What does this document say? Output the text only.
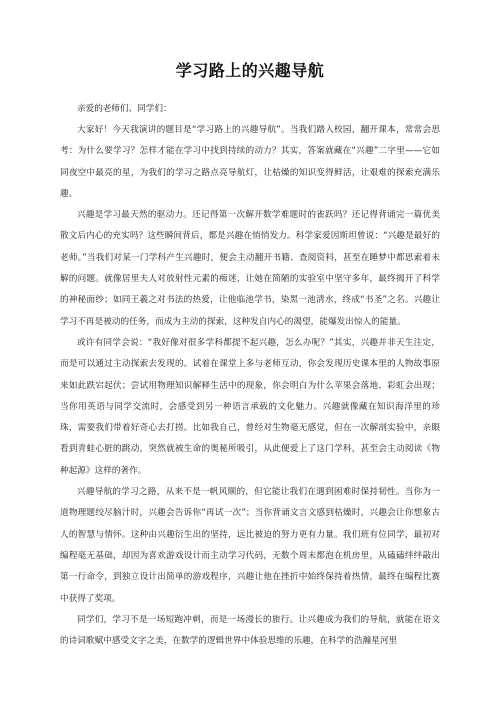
学习路上的兴趣导航

亲爱的老师们、同学们：

大家好！今天我演讲的题目是“学习路上的兴趣导航”。当我们踏入校园，翻开课本，常常会思考：为什么要学习？怎样才能在学习中找到持续的动力？其实，答案就藏在“兴趣”二字里——它如同夜空中最亮的星，为我们的学习之路点亮导航灯，让枯燥的知识变得鲜活，让艰难的探索充满乐趣。

兴趣是学习最天然的驱动力。还记得第一次解开数学难题时的雀跃吗？还记得背诵完一篇优美散文后内心的充实吗？这些瞬间背后，都是兴趣在悄悄发力。科学家爱因斯坦曾说：“兴趣是最好的老师。”当我们对某一门学科产生兴趣时，便会主动翻开书籍、查阅资料，甚至在睡梦中都思索着未解的问题。就像居里夫人对放射性元素的痴迷，让她在简陋的实验室中坚守多年，最终揭开了科学的神秘面纱；如同王羲之对书法的热爱，让他临池学书，染黑一池清水，终成“书圣”之名。兴趣让学习不再是被动的任务，而成为主动的探索，这种发自内心的渴望，能爆发出惊人的能量。

或许有同学会说：“我好像对很多学科都提不起兴趣，怎么办呢？”其实，兴趣并非天生注定，而是可以通过主动探索去发现的。试着在课堂上多与老师互动，你会发现历史课本里的人物故事原来如此跌宕起伏；尝试用物理知识解释生活中的现象，你会明白为什么苹果会落地、彩虹会出现；当你用英语与同学交流时，会感受到另一种语言承载的文化魅力。兴趣就像藏在知识海洋里的珍珠，需要我们带着好奇心去打捞。比如我自己，曾经对生物毫无感觉，但在一次解剖实验中，亲眼看到青蛙心脏的跳动，突然就被生命的奥秘所吸引，从此便爱上了这门学科，甚至会主动阅读《物种起源》这样的著作。

兴趣导航的学习之路，从来不是一帆风顺的，但它能让我们在遇到困难时保持韧性。当你为一道物理题绞尽脑汁时，兴趣会告诉你“再试一次”；当你背诵文言文感到枯燥时，兴趣会让你想象古人的智慧与情怀。这种由兴趣衍生出的坚持，远比被迫的努力更有力量。我们班有位同学，最初对编程毫无基础，却因为喜欢游戏设计而主动学习代码，无数个周末都泡在机房里，从磕磕绊绊敲出第一行命令，到独立设计出简单的游戏程序，兴趣让他在挫折中始终保持着热情，最终在编程比赛中获得了奖项。

同学们，学习不是一场短跑冲刺，而是一场漫长的旅行。让兴趣成为我们的导航，就能在语文的诗词歌赋中感受文字之美，在数学的逻辑世界中体验思维的乐趣，在科学的浩瀚星河里
